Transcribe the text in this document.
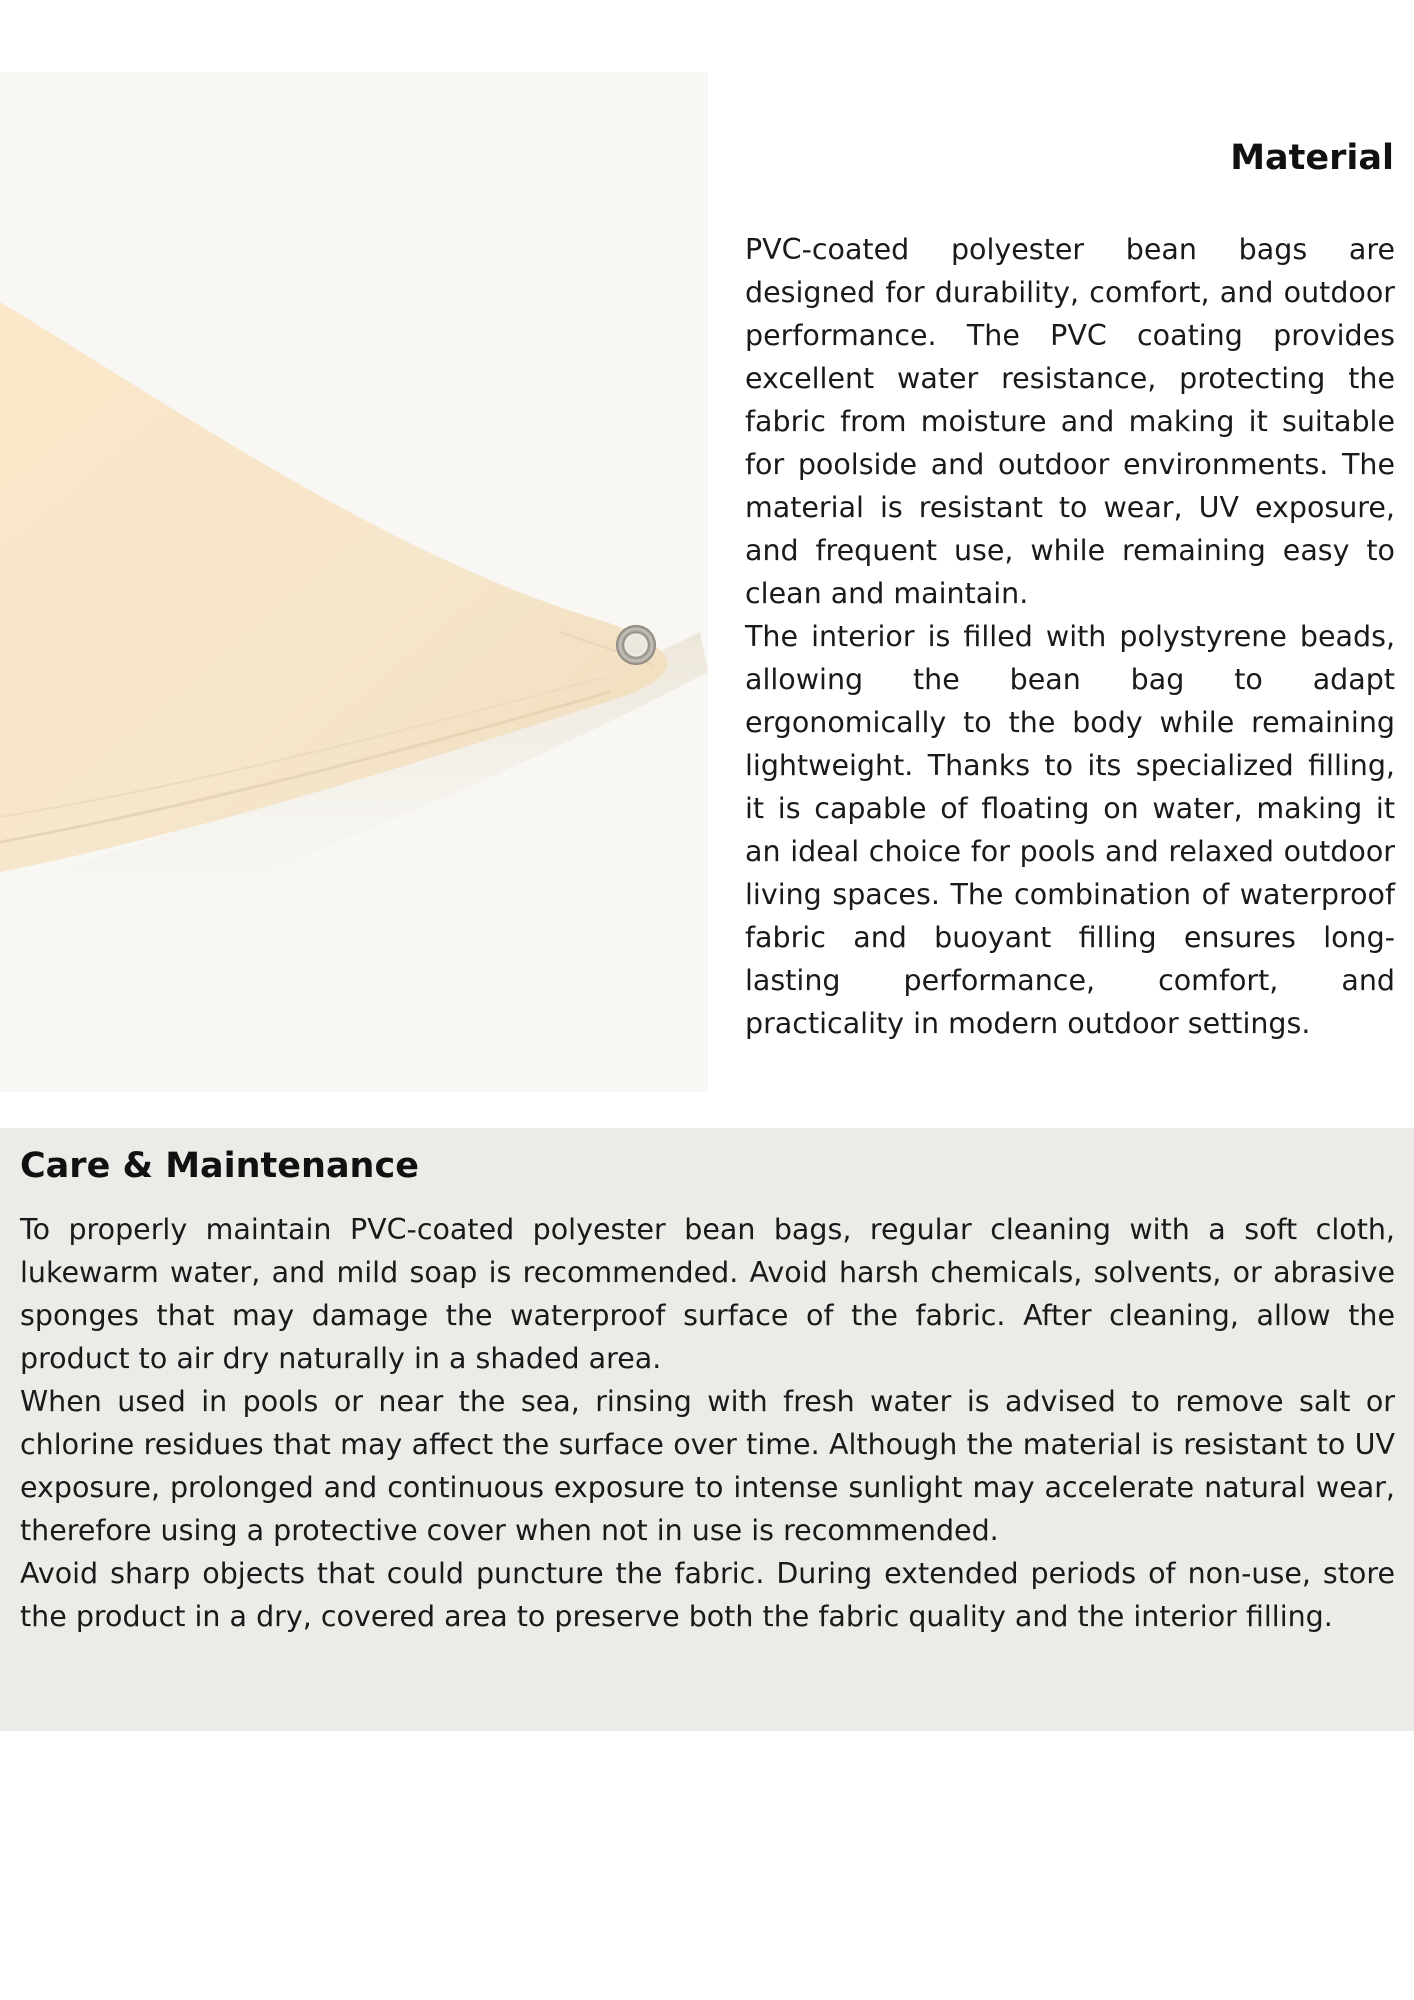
Material

PVC-coated polyester bean bags are designed for durability, comfort, and outdoor performance. The PVC coating provides excellent water resistance, protecting the fabric from moisture and making it suitable for poolside and outdoor environments. The material is resistant to wear, UV exposure, and frequent use, while remaining easy to clean and maintain.

The interior is filled with polystyrene beads, allowing the bean bag to adapt ergonomically to the body while remaining lightweight. Thanks to its specialized filling, it is capable of floating on water, making it an ideal choice for pools and relaxed outdoor living spaces. The combination of waterproof fabric and buoyant filling ensures long-lasting performance, comfort, and practicality in modern outdoor settings.

Care & Maintenance

To properly maintain PVC-coated polyester bean bags, regular cleaning with a soft cloth, lukewarm water, and mild soap is recommended. Avoid harsh chemicals, solvents, or abrasive sponges that may damage the waterproof surface of the fabric. After cleaning, allow the product to air dry naturally in a shaded area.

When used in pools or near the sea, rinsing with fresh water is advised to remove salt or chlorine residues that may affect the surface over time. Although the material is resistant to UV exposure, prolonged and continuous exposure to intense sunlight may accelerate natural wear, therefore using a protective cover when not in use is recommended.

Avoid sharp objects that could puncture the fabric. During extended periods of non-use, store the product in a dry, covered area to preserve both the fabric quality and the interior filling.
